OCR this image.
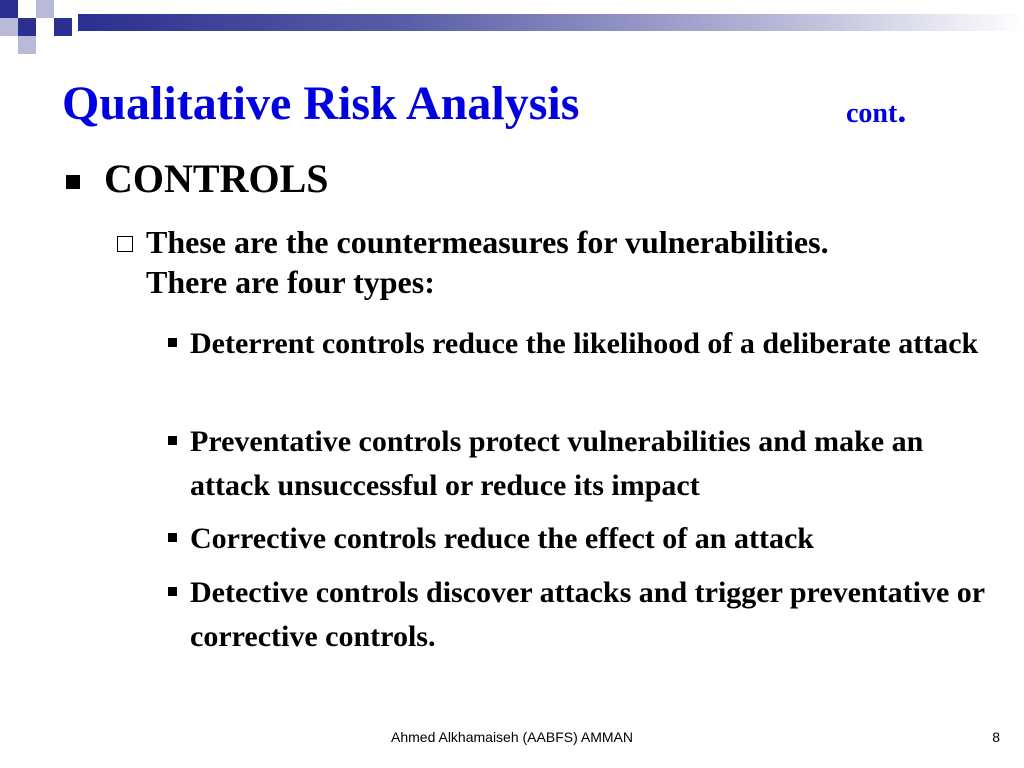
Qualitative Risk Analysis	cont.
CONTROLS
These are the countermeasures for vulnerabilities. There are four types:
Deterrent controls reduce the likelihood of a deliberate attack
Preventative controls protect vulnerabilities and make an attack unsuccessful or reduce its impact
Corrective controls reduce the effect of an attack
Detective controls discover attacks and trigger preventative or corrective controls.
Ahmed Alkhamaiseh (AABFS) AMMAN	8
